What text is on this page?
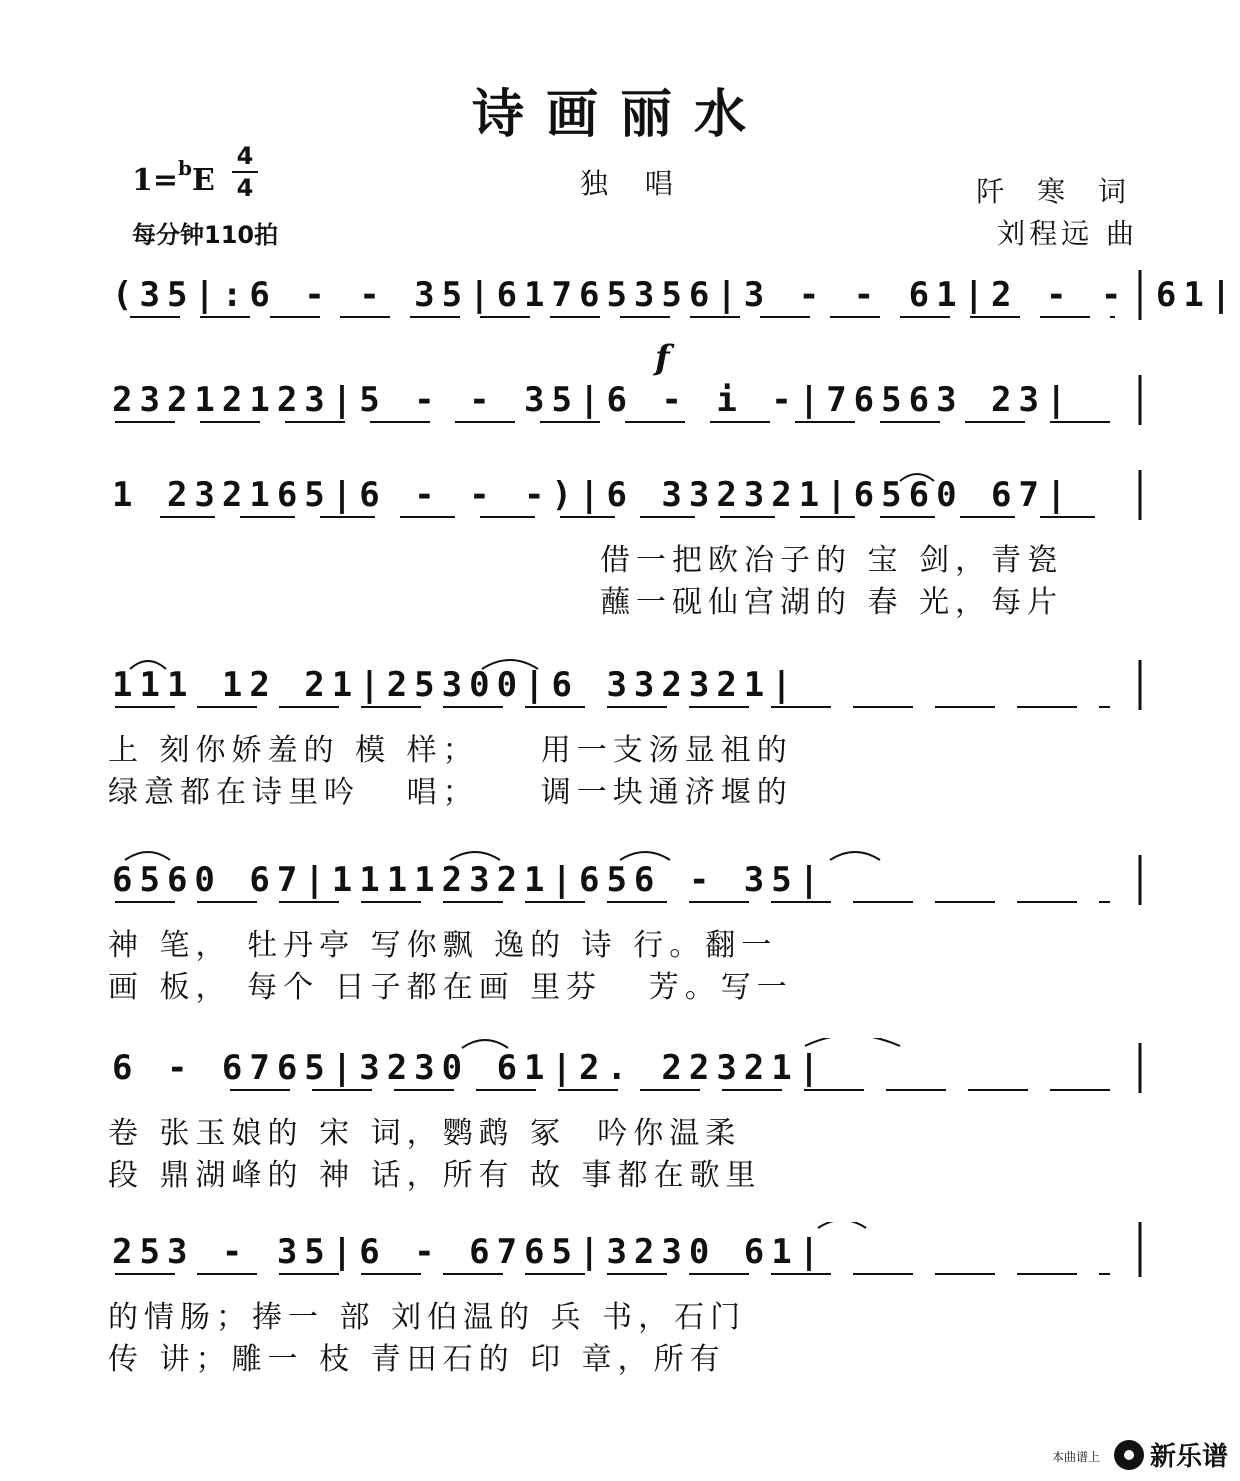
诗画丽水
1=$^b$E
4
4	独 唱
每分钟110拍
阡 寒 词
刘程远 曲
(35|:6 - - 35|61765356|3 - - 61|2 - - 61|
f
23212123|5 - - 35|6 - i -|76563 23|
1 232165|6 - - -)|6 332321|6560 67|
借一把欧冶子的 宝 剑，青瓷
蘸一砚仙宫湖的 春 光，每片
111 12 21|25300|6 332321|
上 刻你娇羞的 模 样；    用一支汤显祖的
绿意都在诗里吟   唱；    调一块通济堰的
6560 67|11112321|656 - 35|
神 笔， 牡丹亭 写你飘 逸的 诗 行。翻一
画 板， 每个 日子都在画 里芬   芳。写一
6 - 6765|3230 61|2. 22321|
卷 张玉娘的 宋 词，鹦鹉 冢  吟你温柔
段 鼎湖峰的 神 话，所有 故 事都在歌里
253 - 35|6 - 6765|3230 61|
的情肠；捧一 部 刘伯温的 兵 书，石门
传 讲；雕一 枝 青田石的 印 章，所有
本曲谱上 新乐谱
